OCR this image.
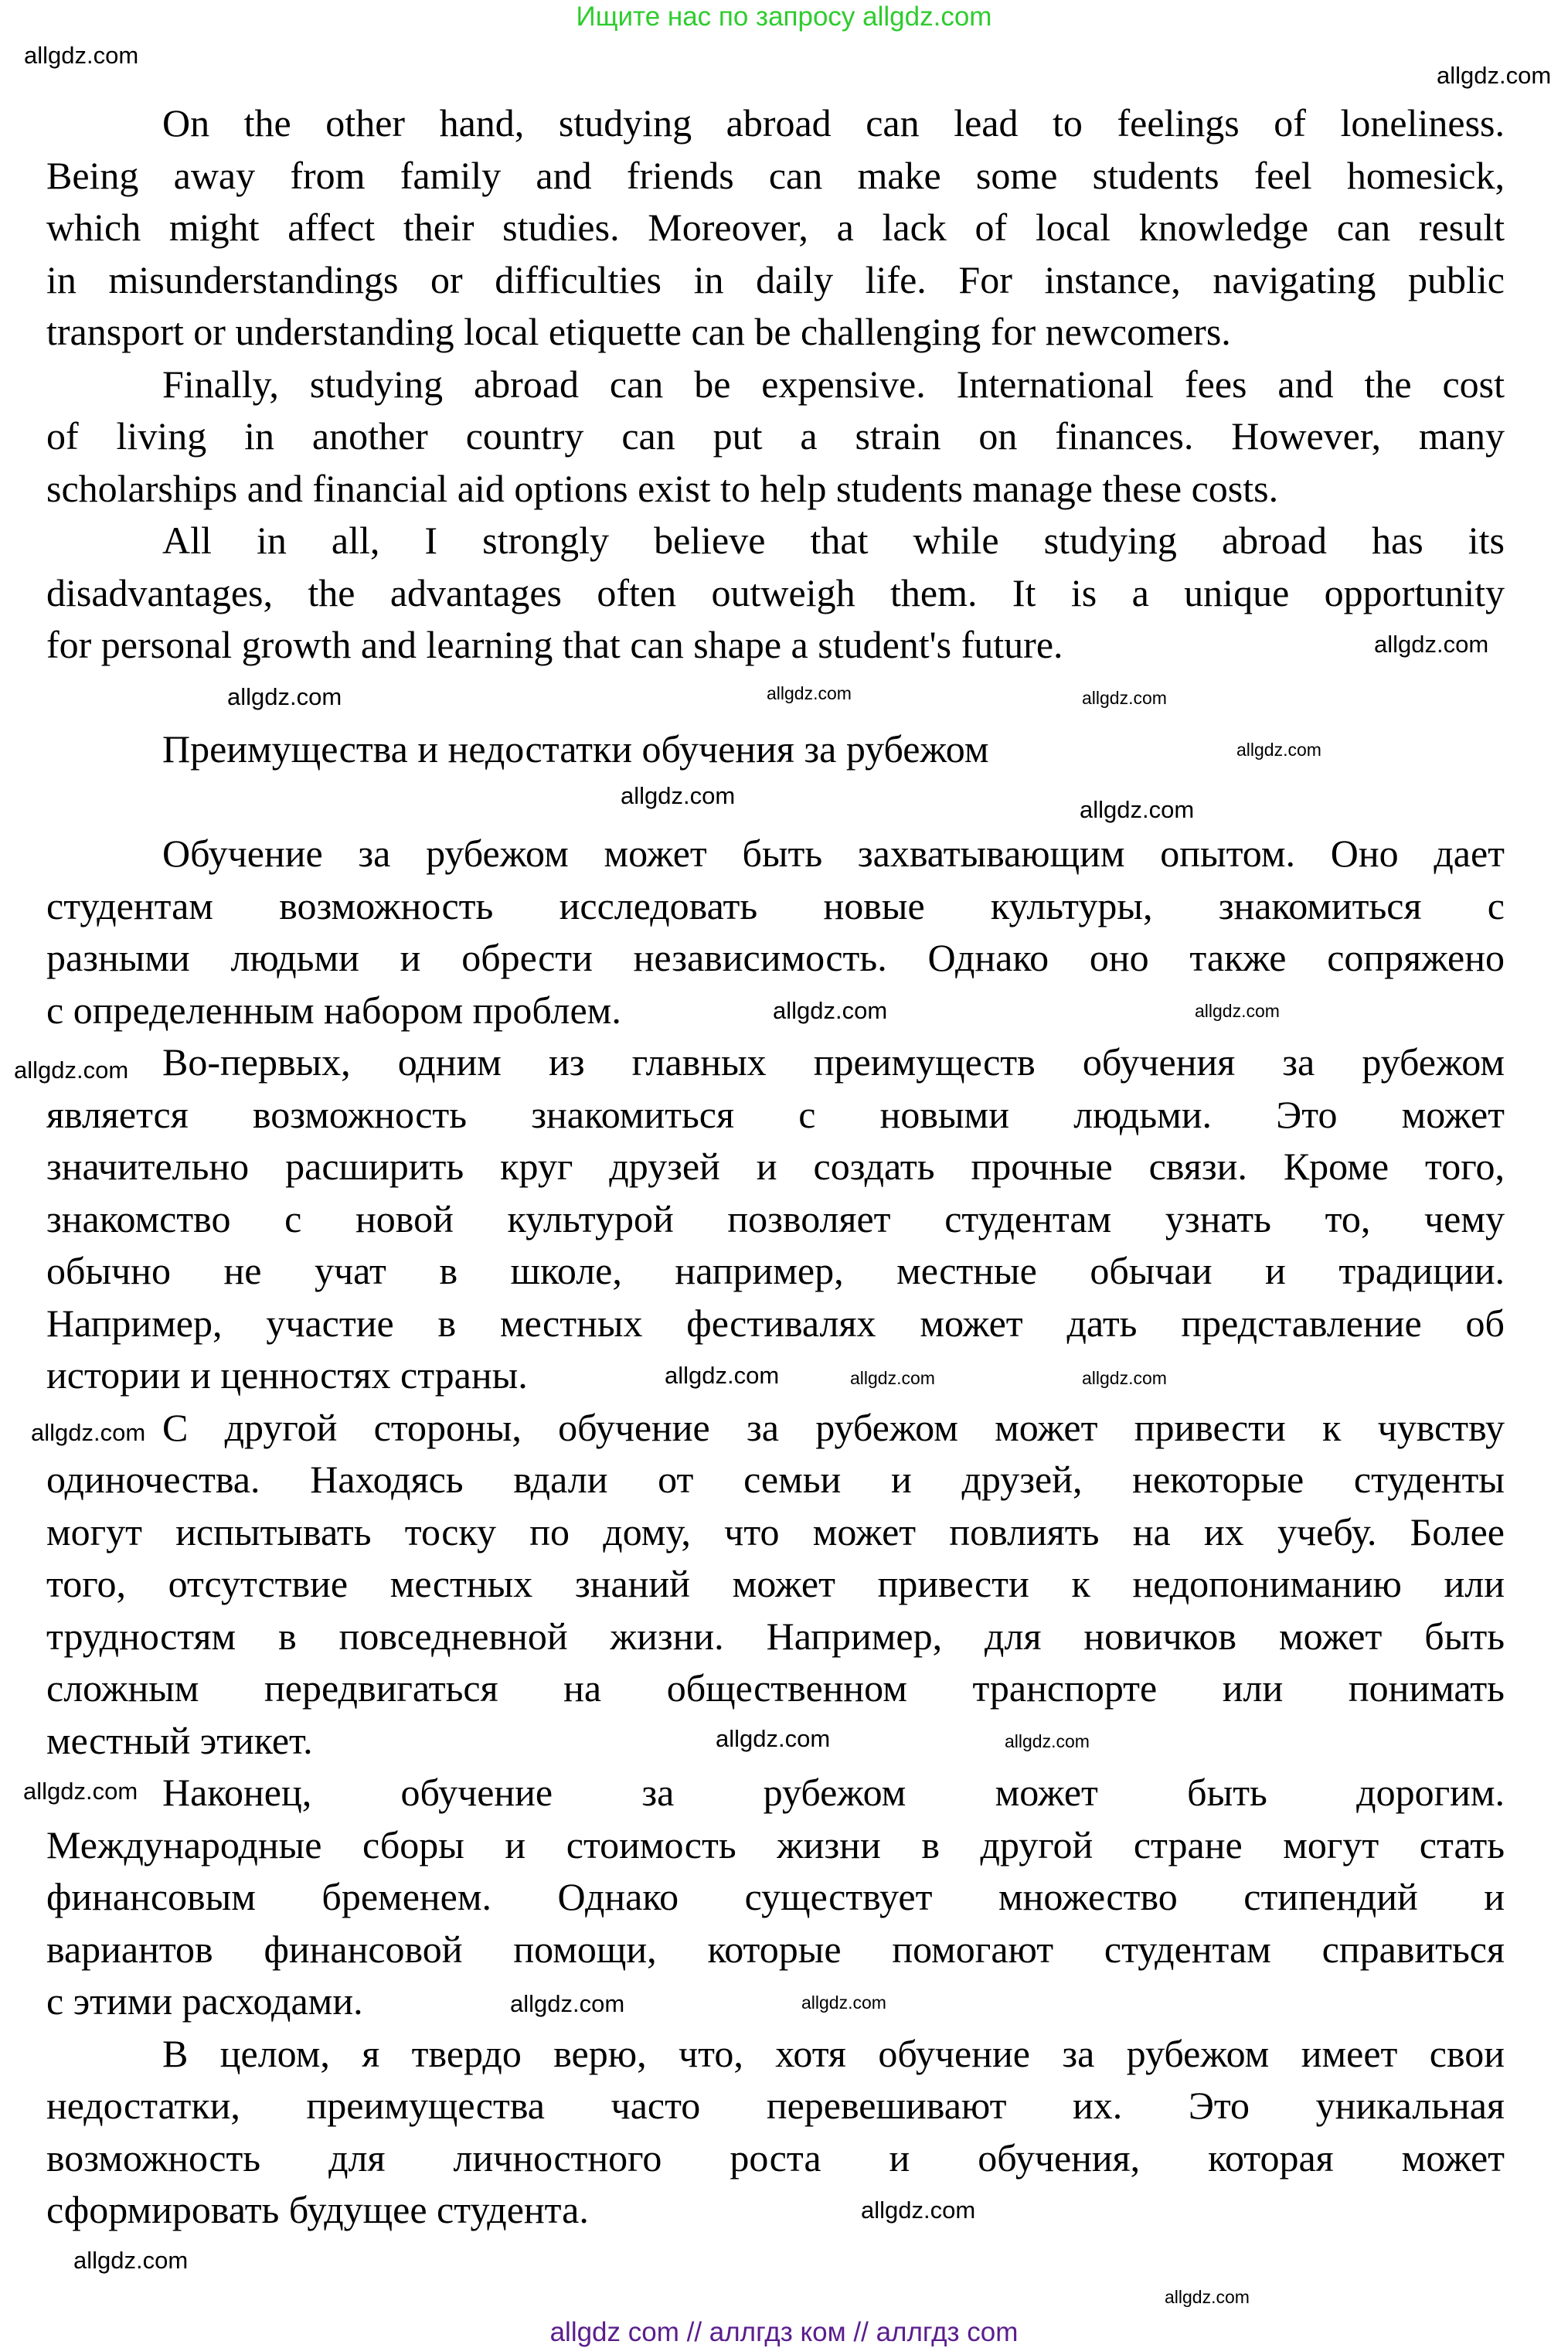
Ищите нас по запросу allgdz.com
On the other hand, studying abroad can lead to feelings of loneliness.
Being away from family and friends can make some students feel homesick,
which might affect their studies. Moreover, a lack of local knowledge can result
in misunderstandings or difficulties in daily life. For instance, navigating public
transport or understanding local etiquette can be challenging for newcomers.
Finally, studying abroad can be expensive. International fees and the cost
of living in another country can put a strain on finances. However, many
scholarships and financial aid options exist to help students manage these costs.
All in all, I strongly believe that while studying abroad has its
disadvantages, the advantages often outweigh them. It is a unique opportunity
for personal growth and learning that can shape a student's future.
Преимущества и недостатки обучения за рубежом
Обучение за рубежом может быть захватывающим опытом. Оно дает
студентам возможность исследовать новые культуры, знакомиться с
разными людьми и обрести независимость. Однако оно также сопряжено
с определенным набором проблем.
Во-первых, одним из главных преимуществ обучения за рубежом
является возможность знакомиться с новыми людьми. Это может
значительно расширить круг друзей и создать прочные связи. Кроме того,
знакомство с новой культурой позволяет студентам узнать то, чему
обычно не учат в школе, например, местные обычаи и традиции.
Например, участие в местных фестивалях может дать представление об
истории и ценностях страны.
С другой стороны, обучение за рубежом может привести к чувству
одиночества. Находясь вдали от семьи и друзей, некоторые студенты
могут испытывать тоску по дому, что может повлиять на их учебу. Более
того, отсутствие местных знаний может привести к недопониманию или
трудностям в повседневной жизни. Например, для новичков может быть
сложным передвигаться на общественном транспорте или понимать
местный этикет.
Наконец, обучение за рубежом может быть дорогим.
Международные сборы и стоимость жизни в другой стране могут стать
финансовым бременем. Однако существует множество стипендий и
вариантов финансовой помощи, которые помогают студентам справиться
с этими расходами.
В целом, я твердо верю, что, хотя обучение за рубежом имеет свои
недостатки, преимущества часто перевешивают их. Это уникальная
возможность для личностного роста и обучения, которая может
сформировать будущее студента.
allgdz.com
allgdz.com
allgdz.com
allgdz.com	allgdz.com
allgdz.com
allgdz.com
allgdz.com
allgdz.com
allgdz.com	allgdz.com
allgdz.com
allgdz.com	allgdz.com
allgdz.com
allgdz.com
allgdz.com
allgdz.com
allgdz.com
allgdz.com
allgdz.com
allgdz.com
allgdz.com
allgdz.com
allgdz com // аллгдз ком // аллгдз com
